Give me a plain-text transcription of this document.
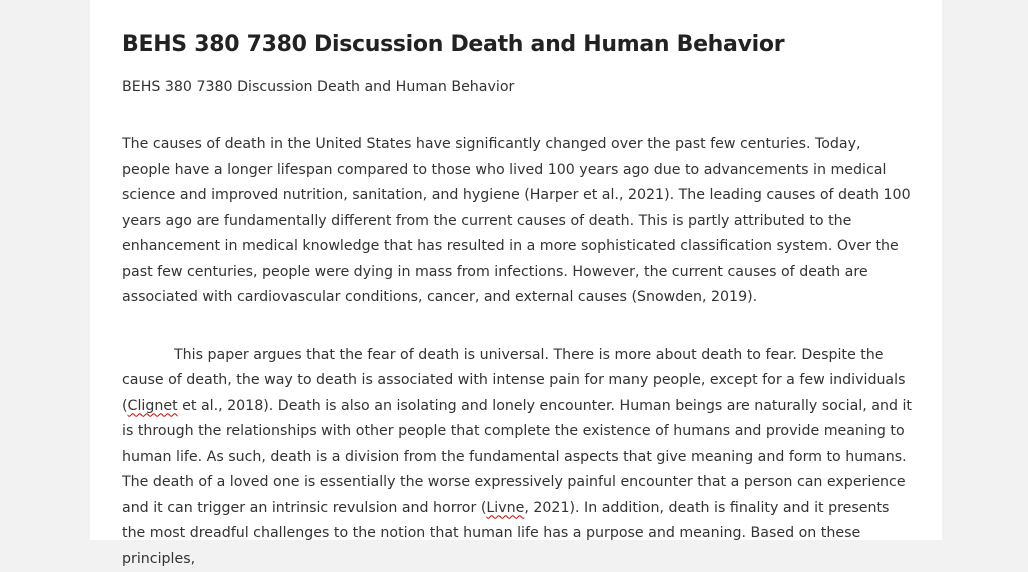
BEHS 380 7380 Discussion Death and Human Behavior

BEHS 380 7380 Discussion Death and Human Behavior

The causes of death in the United States have significantly changed over the past few centuries. Today, people have a longer lifespan compared to those who lived 100 years ago due to advancements in medical science and improved nutrition, sanitation, and hygiene (Harper et al., 2021). The leading causes of death 100 years ago are fundamentally different from the current causes of death. This is partly attributed to the enhancement in medical knowledge that has resulted in a more sophisticated classification system. Over the past few centuries, people were dying in mass from infections. However, the current causes of death are associated with cardiovascular conditions, cancer, and external causes (Snowden, 2019).

This paper argues that the fear of death is universal. There is more about death to fear. Despite the cause of death, the way to death is associated with intense pain for many people, except for a few individuals (Clignet et al., 2018). Death is also an isolating and lonely encounter. Human beings are naturally social, and it is through the relationships with other people that complete the existence of humans and provide meaning to human life. As such, death is a division from the fundamental aspects that give meaning and form to humans. The death of a loved one is essentially the worse expressively painful encounter that a person can experience and it can trigger an intrinsic revulsion and horror (Livne, 2021). In addition, death is finality and it presents the most dreadful challenges to the notion that human life has a purpose and meaning. Based on these principles,
